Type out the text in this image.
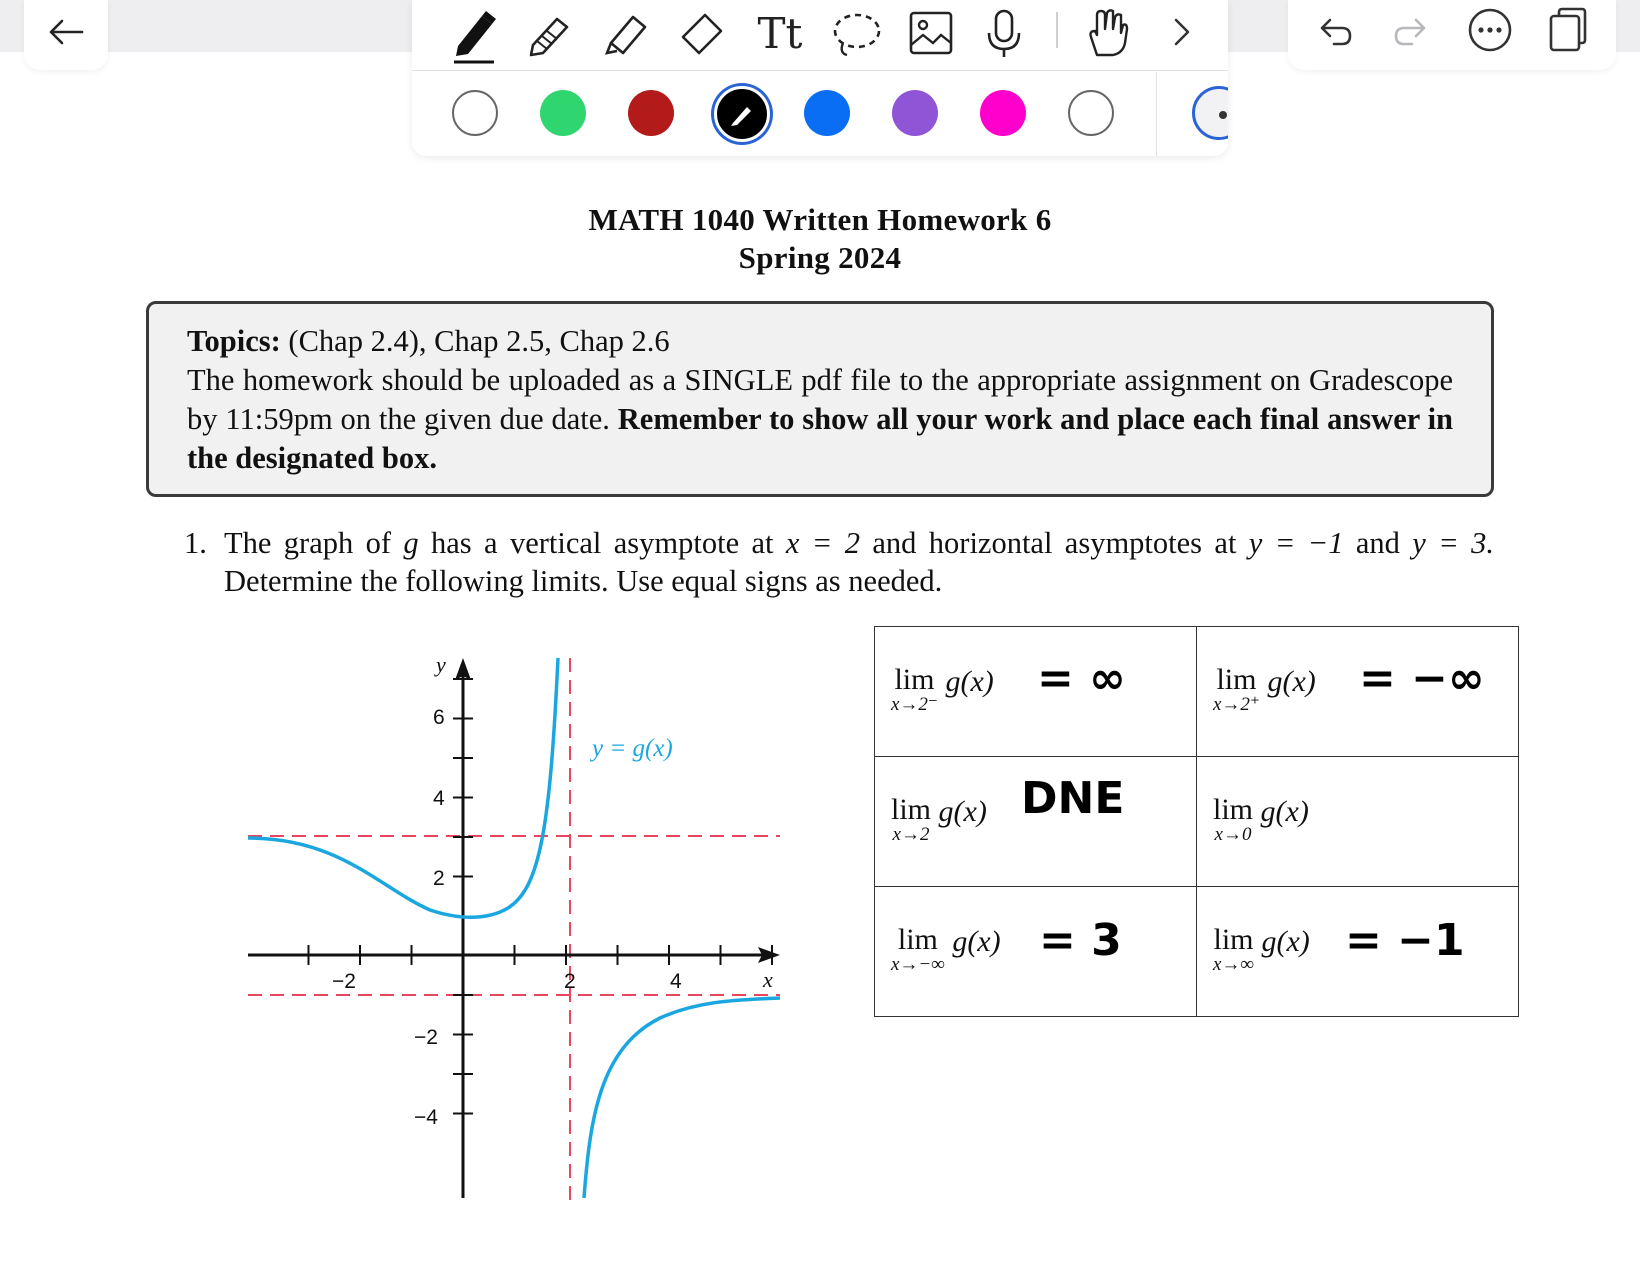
Tt
MATH 1040 Written Homework 6
Spring 2024

Topics: (Chap 2.4), Chap 2.5, Chap 2.6

The homework should be uploaded as a SINGLE pdf file to the appropriate assignment on Gradescope by 11:59pm on the given due date. Remember to show all your work and place each final answer in the designated box.

1. The graph of g has a vertical asymptote at x = 2 and horizontal asymptotes at y = −1 and y = 3. Determine the following limits. Use equal signs as needed.
y = g(x)
y
x
−2	2	4
6
4
2
−2
−4
lim
x→2⁻
g(x) = ∞	lim
x→2⁺
g(x) = −∞

lim
x→2
g(x) DNE	lim
x→0
g(x)

lim
x→−∞
g(x) = 3	lim
x→∞
g(x) = −1
